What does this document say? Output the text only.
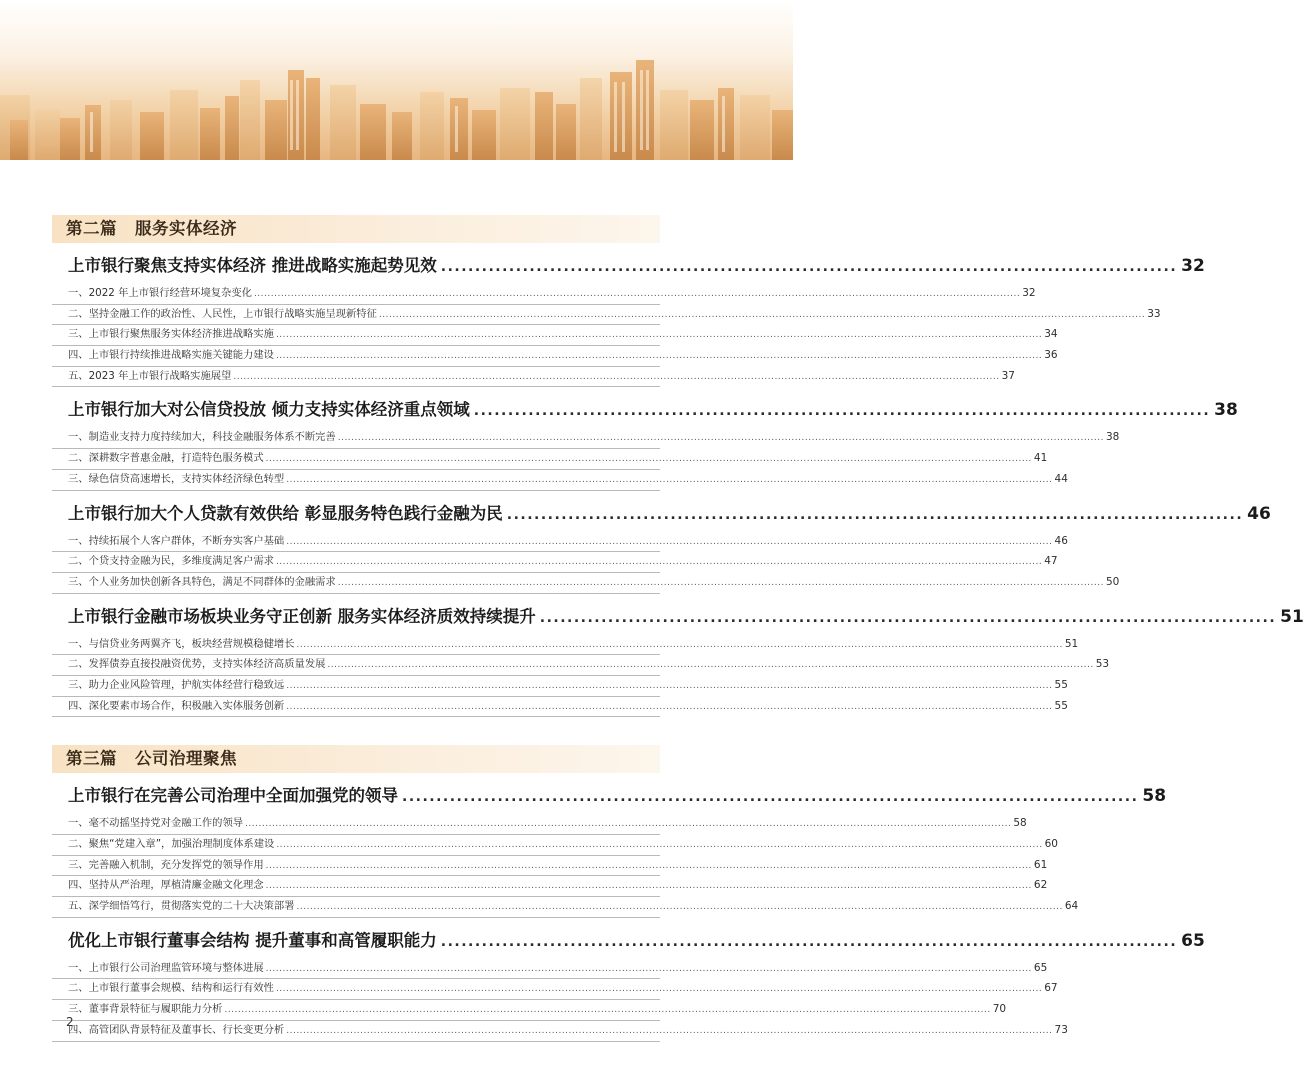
第二篇 服务实体经济
上市银行聚焦支持实体经济 推进战略实施起势见效 ............................................................................................................ 32
一、2022 年上市银行经营环境复杂变化 .................................................................................................................................................................................................................................... 32
二、坚持金融工作的政治性、人民性，上市银行战略实施呈现新特征 .................................................................................................................................................................................................................................... 33
三、上市银行聚焦服务实体经济推进战略实施 .................................................................................................................................................................................................................................... 34
四、上市银行持续推进战略实施关键能力建设 .................................................................................................................................................................................................................................... 36
五、2023 年上市银行战略实施展望 .................................................................................................................................................................................................................................... 37
上市银行加大对公信贷投放 倾力支持实体经济重点领域 ............................................................................................................ 38
一、制造业支持力度持续加大，科技金融服务体系不断完善 .................................................................................................................................................................................................................................... 38
二、深耕数字普惠金融，打造特色服务模式 .................................................................................................................................................................................................................................... 41
三、绿色信贷高速增长，支持实体经济绿色转型 .................................................................................................................................................................................................................................... 44
上市银行加大个人贷款有效供给 彰显服务特色践行金融为民 ............................................................................................................ 46
一、持续拓展个人客户群体，不断夯实客户基础 .................................................................................................................................................................................................................................... 46
二、个贷支持金融为民，多维度满足客户需求 .................................................................................................................................................................................................................................... 47
三、个人业务加快创新各具特色，满足不同群体的金融需求 .................................................................................................................................................................................................................................... 50
上市银行金融市场板块业务守正创新 服务实体经济质效持续提升 ............................................................................................................ 51
一、与信贷业务两翼齐飞，板块经营规模稳健增长 .................................................................................................................................................................................................................................... 51
二、发挥债券直接投融资优势，支持实体经济高质量发展 .................................................................................................................................................................................................................................... 53
三、助力企业风险管理，护航实体经营行稳致远 .................................................................................................................................................................................................................................... 55
四、深化要素市场合作，积极融入实体服务创新 .................................................................................................................................................................................................................................... 55
第三篇 公司治理聚焦
上市银行在完善公司治理中全面加强党的领导 ............................................................................................................ 58
一、毫不动摇坚持党对金融工作的领导 .................................................................................................................................................................................................................................... 58
二、聚焦“党建入章”，加强治理制度体系建设 .................................................................................................................................................................................................................................... 60
三、完善融入机制，充分发挥党的领导作用 .................................................................................................................................................................................................................................... 61
四、坚持从严治理，厚植清廉金融文化理念 .................................................................................................................................................................................................................................... 62
五、深学细悟笃行，贯彻落实党的二十大决策部署 .................................................................................................................................................................................................................................... 64
优化上市银行董事会结构 提升董事和高管履职能力 ............................................................................................................ 65
一、上市银行公司治理监管环境与整体进展 .................................................................................................................................................................................................................................... 65
二、上市银行董事会规模、结构和运行有效性 .................................................................................................................................................................................................................................... 67
三、董事背景特征与履职能力分析 .................................................................................................................................................................................................................................... 70
四、高管团队背景特征及董事长、行长变更分析 .................................................................................................................................................................................................................................... 73
2
